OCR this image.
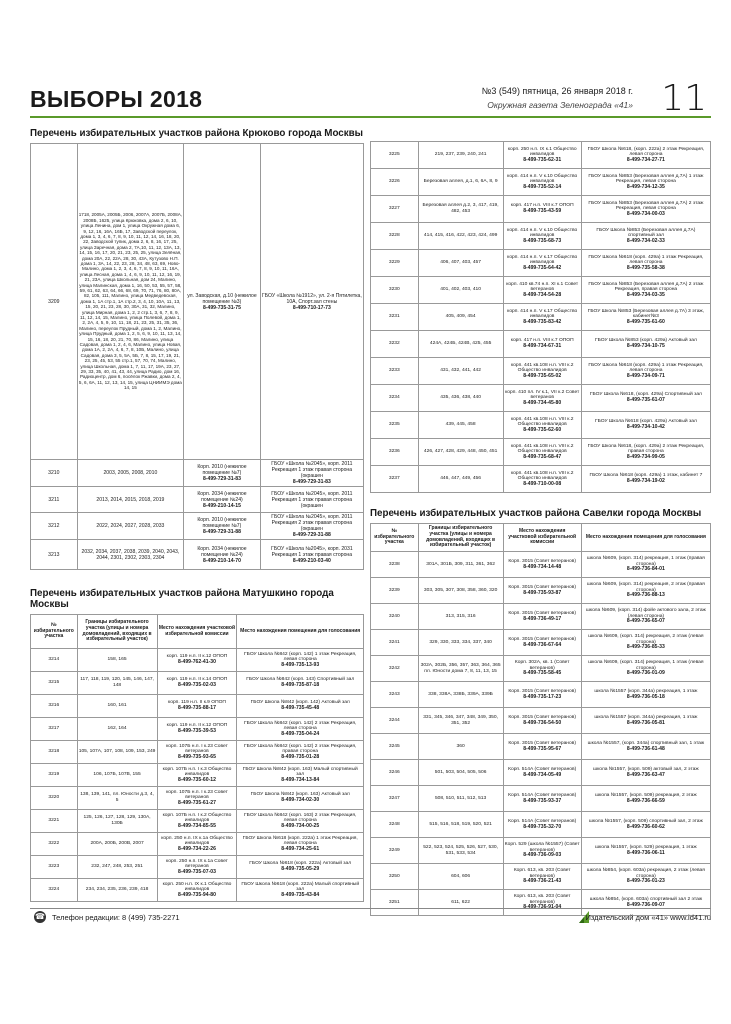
ВЫБОРЫ 2018	№3 (549) пятница, 26 января 2018 г.
Окружная газета Зеленограда «41» 11
Перечень избирательных участков района Крюково города Москвы
3209	1718, 2005А, 2005Б, 2006, 2007А, 2007Б, 2008А, 2008Б, 1625, улица Крюковка, дома 2, 6, 10, улица Ленина, дом 1, улица Окружная дома 6, 9, 12, 16, 16А, 16Б, 17, Заводской переулок, дома 1, 3, 4, 6, 7, 8, 9, 10, 11, 12, 14, 16, 18, 20, 22, Заводской тупик, дома 2, 6, 8, 16, 17, 25, улица Заречная, дома 2, 7А,10, 11, 12, 13А, 13, 14, 15, 16, 17, 20, 21, 23, 25, 25, улица Зелёная, дома 20А, 22, 22А, 28, 30, 43А, Кутузово Н.П. дома 1, 3А, 14, 22, 23, 28, 34, 48, 63, 69, Ново-Малино, дома 1, 2, 3, 4, 6, 7, 8, 9, 10, 11, 16А, улица Лесная, дома 1, 4, 6, 9, 10, 11, 12, 16, 19, 21, 23А, улица Школьная, дом 24, Малино, улица Малинская, дома 1, 16, 50, 53, 55, 57, 58, 59, 61, 62, 63, 64, 66, 68, 69, 70, 71, 76, 80, 80А, 82, 105, 111, Малино, улица Медведевская, дома 1, 1А стр.1, 1А стр.2, 3, 4, 10, 10А, 11, 13, 15, 20, 21, 23, 28, 30, 30А, 31, 32, Малино, улица Мирная, дома 1, 2, 2 стр.1, 3, 6, 7, 8, 9, 11, 12, 14, 15, Малино, улица Полевой, дома 1, 2, 2А, 4, 5, 9, 10, 11, 18, 21, 23, 25, 31, 35, 36, Малино, переулок Прудный, дома 1, 2, Малино, улица Прудный, дома 1, 2, 5, 6, 9, 10, 11, 13, 14, 15, 16, 18, 20, 21, 70, 86, Малино, улица Садовая, дома 1, 2, 4, 6, Малино, улица Новая, дома 1А, 2, 2А, 4, 6, 7, 8, 10Б, Малино, улица Садовая, дома 3, 5, 5А, 5Б, 7, 8, 15, 17, 19, 21, 23, 25, 45, 53, 55 стр.1, 57, 70, 74, Малино, улица Школьная, дома 1, 7, 11, 17, 19А, 23, 27, 29, 33, 35, 40, 41, 43, 44, улица Радио, дом 16, Радиоцентр, дом 6, посёлок Ржавки, дома 2, 4, 5, 6, 6А, 11, 12, 13, 14, 15, улица ЦНИИМЭ дома 14, 15	ул. Заводская, д.10 (нежилое помещение №3)
8-499-735-31-75	ГБОУ «Школа №1912», ул. 2-я Пятилетка, 10А, Спорт.зал стены
8-499-710-17-73
3210	2003, 2005, 2008, 2010	Корп. 2010 (нежилое помещение №7)
8-499-729-31-83	ГБОУ «Школа №2045», корп. 2011 Рекреация 1 этаж правая сторона (окрашен
8-499-729-31-83
3211	2013, 2014, 2015, 2018, 2019	Корп. 2034 (нежилое помещение №24)
8-499-210-14-15	ГБОУ «Школа №2045», корп. 2011 Рекреация 1 этаж правая сторона (окрашен

3212	2022, 2024, 2027, 2028, 2033	Корп. 2010 (нежилое помещение №7)
8-499-729-31-88	ГБОУ «Школа №2045», корп. 2011 Рекреация 2 этаж правая сторона (окрашен
8-499-729-31-88
3213	2032, 2034, 2037, 2038, 2039, 2040, 2043, 2044, 2301, 2302, 2303, 2304	Корп. 2034 (нежилое помещение №24)
8-499-210-14-70	ГБОУ «Школа №2045», корп. 2031 Рекреация 1 этаж правая сторона
8-499-210-03-40
Перечень избирательных участков района Матушкино города Москвы
№ избирательного участка	Границы избирательного участка (улицы и номера домовладений, входящих в избирательный участок)	Место нахождения участковой избирательной комиссии	Место нахождения помещения для голосования
3214	158, 165	корп. 119 н.п. II к.12 ОПОП
8-499-762-41-30	ГБОУ Школа №842 (корп. 142) 1 этаж Рекреация, левая сторона
8-499-735-13-93
3215	117, 118, 119, 120, 145, 146, 147, 148	корп. 119 н.п. II к.14 ОПОП
8-499-735-02-03	ГБОУ Школа №842 (корп. 143) Спортивный зал
8-499-735-87-18
3216	160, 161	корп. 119 н.п. II к.9 ОПОП
8-499-735-88-17	ГБОУ Школа №842 (корп. 142) Актовый зал
8-499-735-45-48
3217	162, 164	корп. 119 н.п. II к.12 ОПОП
8-499-735-39-53	ГБОУ Школа №842 (корп. 142) 2 этаж Рекреация, левая сторона
8-499-735-04-24
3218	105, 107А, 107, 108, 109, 153, 249	корп. 107Б н.п. I к.23 Совет ветеранов
8-499-735-93-65	ГБОУ Школа №842 (корп. 142) 2 этаж Рекреация, правая сторона
8-499-735-01-28
3219	106, 107Б, 107В, 155	корп. 107Б н.п. I к.3 Общество инвалидов
8-499-735-60-12	ГБОУ Школа №842 (корп. 163) Малый спортивный зал
8-499-734-13-84
3220	138, 139, 141, пл. Юности д.3, 4, 5	корп. 107Б н.п. I к.23 Совет ветеранов
8-499-735-61-27	ГБОУ Школа №842 (корп. 163) Актовый зал
8-499-734-02-30
3221	125, 126, 127, 128, 129, 130А, 130Б	корп. 107Б н.п. I к.2 Общество инвалидов
8-499-734-85-55	ГБОУ Школа №842 (корп. 163) 2 этаж Рекреация, левая сторона
8-499-734-00-25
3222	200А, 200Б, 200В, 2007	корп. 250 н.п. IX к.1а Общество инвалидов
8-499-734-22-26	ГБОУ Школа №618 (корп. 222а) 1 этаж Рекреация, левая сторона
8-499-734-25-61
3223	232, 247, 248, 253, 251	корп. 250 н.п. IX к.1а Совет ветеранов
8-499-735-07-03	ГБОУ Школа №618 (корп. 222а) Актовый зал
8-499-735-05-29
3224	234, 234, 235, 236, 239, 418	корп. 250 н.п. IX к.1 Общество инвалидов
8-499-735-94-80	ГБОУ Школа №618 (корп. 222а) Малый спортивный зал
8-499-735-43-84
3225	219, 237, 239, 240, 241	корп. 250 н.п. IX к.1 Общество инвалидов
8-499-735-62-31	ГБОУ Школа №618, (корп. 222а) 2 этаж Рекреация, левая сторона
8-499-734-27-71
3226	Березовая аллея, д.1, 6, 6А, 8, 9	корп. 414 н.п. V к.10 Общество инвалидов
8-499-735-52-14	ГБОУ Школа №853 (Березовая аллея д.7А) 1 этаж Рекреация, левая сторона
8-499-734-12-35
3227	Березовая аллея д.2, 3, 417, 419, 482, 453	корп. 417 н.п. VIII к.7 ОПОП
8-499-735-43-59	ГБОУ Школа №853 (Березовая аллея д.7А) 2 этаж Рекреация, левая сторона
8-499-734-00-03
3228	414, 415, 416, 422, 423, 424, 499	корп. 414 н.п. V к.10 Общество инвалидов
8-499-735-68-73	ГБОУ Школа №853 (Березовая аллея д.7А) спортивный зал
8-499-734-02-33
3229	406, 407, 403, 457	корп. 414 н.п. V к.17 Общество инвалидов
8-499-735-64-42	ГБОУ Школа №618 (корп. 429а) 1 этаж Рекреация, левая сторона
8-499-735-58-38
3230	401, 402, 403, 410	корп. 410 кв.74 н.п. XI к.1 Совет ветеранов
8-499-734-54-28	ГБОУ Школа №853 (Березовая аллея д.7А) 2 этаж Рекреация, правая сторона
8-499-734-03-35
3231	405, 409, 454	корп. 414 н.п. V к.17 Общество инвалидов
8-499-735-83-42	ГБОУ Школа №853 (Березовая аллея д.7А) 3 этаж, кабинет№3
8-499-735-61-60
3232	424А, 424Б, 424В, 425, 455	корп. 417 н.п. VIII к.7 ОПОП
8-499-734-67-31	ГБОУ Школа №853 (корп. 429а) Актовый зал
8-499-734-10-75
3233	431, 432, 441, 442	корп. 441 кв.108 н.п. VIII к.2 Общество инвалидов
8-499-735-65-02	ГБОУ Школа №618 (корп. 429а) 1 этаж Рекреация, левая сторона
8-499-734-09-71
3234	435, 436, 438, 440	корп. 410 пл. IV к.1, VII к.2 Совет ветеранов
8-499-734-45-80	ГБОУ Школа №618, (корп. 429а) Спортивный зал
8-499-735-61-07
3235	439, 445, 458	корп. 441 кв.108 н.п. VIII к.2 Общество инвалидов
8-499-735-62-60	ГБОУ Школа №618 (корп. 429а) Актовый зал
8-499-734-10-42
3236	426, 427, 428, 429, 448, 450, 451	корп. 441 кв.108 н.п. VIII к.2 Общество инвалидов
8-499-735-68-47	ГБОУ Школа №618, (корп. 429а) 2 этаж Рекреация, правая сторона
8-499-734-99-05
3237	446, 447, 449, 456	корп. 441 кв.108 н.п. VIII к.2 Общество инвалидов
8-499-710-00-08	ГБОУ Школа №618 (корп. 429а) 1 этаж, кабинет 7
8-499-734-19-02
Перечень избирательных участков района Савелки города Москвы
№ избирательного участка	Границы избирательного участка (улицы и номера домовладений, входящих в избирательный участок)	Место нахождения участковой избирательной комиссии	Место нахождения помещения для голосования
3238	301А, 301Б, 309, 311, 361, 362	Корп. 3015 (Совет ветеранов)
8-499-734-14-48	школа №609, (корп. 314) рекреация, 1 этаж (правая сторона)
8-499-736-84-01
3239	303, 305, 307, 308, 358, 360, 320	Корп. 3015 (Совет ветеранов)
8-499-735-93-87	школа №609, (корп. 314) рекреация, 2 этаж (правая сторона)
8-499-736-88-13
3240	313, 315, 316	Корп. 3015 (Совет ветеранов)
8-499-736-49-17	школа №609, (корп. 314) фойе актового зала, 2 этаж (левая сторона)
8-499-736-65-07
3241	329, 330, 333, 334, 337, 340	Корп. 3015 (Совет ветеранов)
8-499-736-67-64	школа №609, (корп. 314) рекреация, 2 этаж (левая сторона)
8-499-736-85-33
3242	302А, 302Б, 356, 357, 363, 364, 365 пл. Юности дома 7, 8, 11, 13, 15	Корп. 302А, кв. 1 (Совет ветеранов)
8-499-735-58-45	школа №609, (корп. 314) рекреация, 1 этаж (левая сторона)
8-499-736-01-09
3243	338, 338А, 338Б, 339А, 339Б	Корп. 3015 (Совет ветеранов)
8-499-735-17-23	школа №1557 (корп. 344а) рекреация, 1 этаж
8-499-736-05-18
3244	331, 345, 346, 347, 348, 349, 350, 351, 352	Корп. 3015 (Совет ветеранов)
8-499-736-54-50	школа №1557 (корп. 344а) рекреация, 1 этаж
8-499-736-05-81
3245	360	Корп. 3015 (Совет ветеранов)
8-499-735-95-67	школа №1557, (корп. 344а) спортивный зал, 1 этаж
8-499-736-61-48
3246	501, 503, 504, 505, 506	Корп. 514А (Совет ветеранов)
8-499-734-05-49	школа №1557, (корп. 509) актовый зал, 2 этаж
8-499-736-63-47
3247	508, 510, 511, 512, 513	Корп. 514А (Совет ветеранов)
8-499-735-93-37	школа №1557, (корп. 509) рекреация, 2 этаж
8-499-736-66-59
3248	515, 516, 518, 519, 520, 521	Корп. 514А (Совет ветеранов)
8-499-735-32-70	школа №1557, (корп. 509) спортивный зал, 2 этаж
8-499-736-60-62
3249	522, 523, 524, 525, 526, 527, 530, 531, 533, 534	Корп. 529 (школа №1557) (Совет ветеранов)
8-499-736-09-03	школа №1557, (корп. 529) рекреация, 1 этаж
8-499-736-06-11
3250	604, 606	Корп. 613, кв. 203 (Совет ветеранов)
8-499-736-21-43	школа №854, (корп. 603а) рекреация, 2 этаж (левая сторона)
8-499-736-01-23
3251	611, 622	Корп. 613, кв. 203 (Совет ветеранов)
8-499-736-91-04	школа №854, (корп. 603а) спортивный зал 2 этаж
8-499-736-09-07
☎ Телефон редакции: 8 (499) 735-2271	Издательский дом «41» www.id41.ru
